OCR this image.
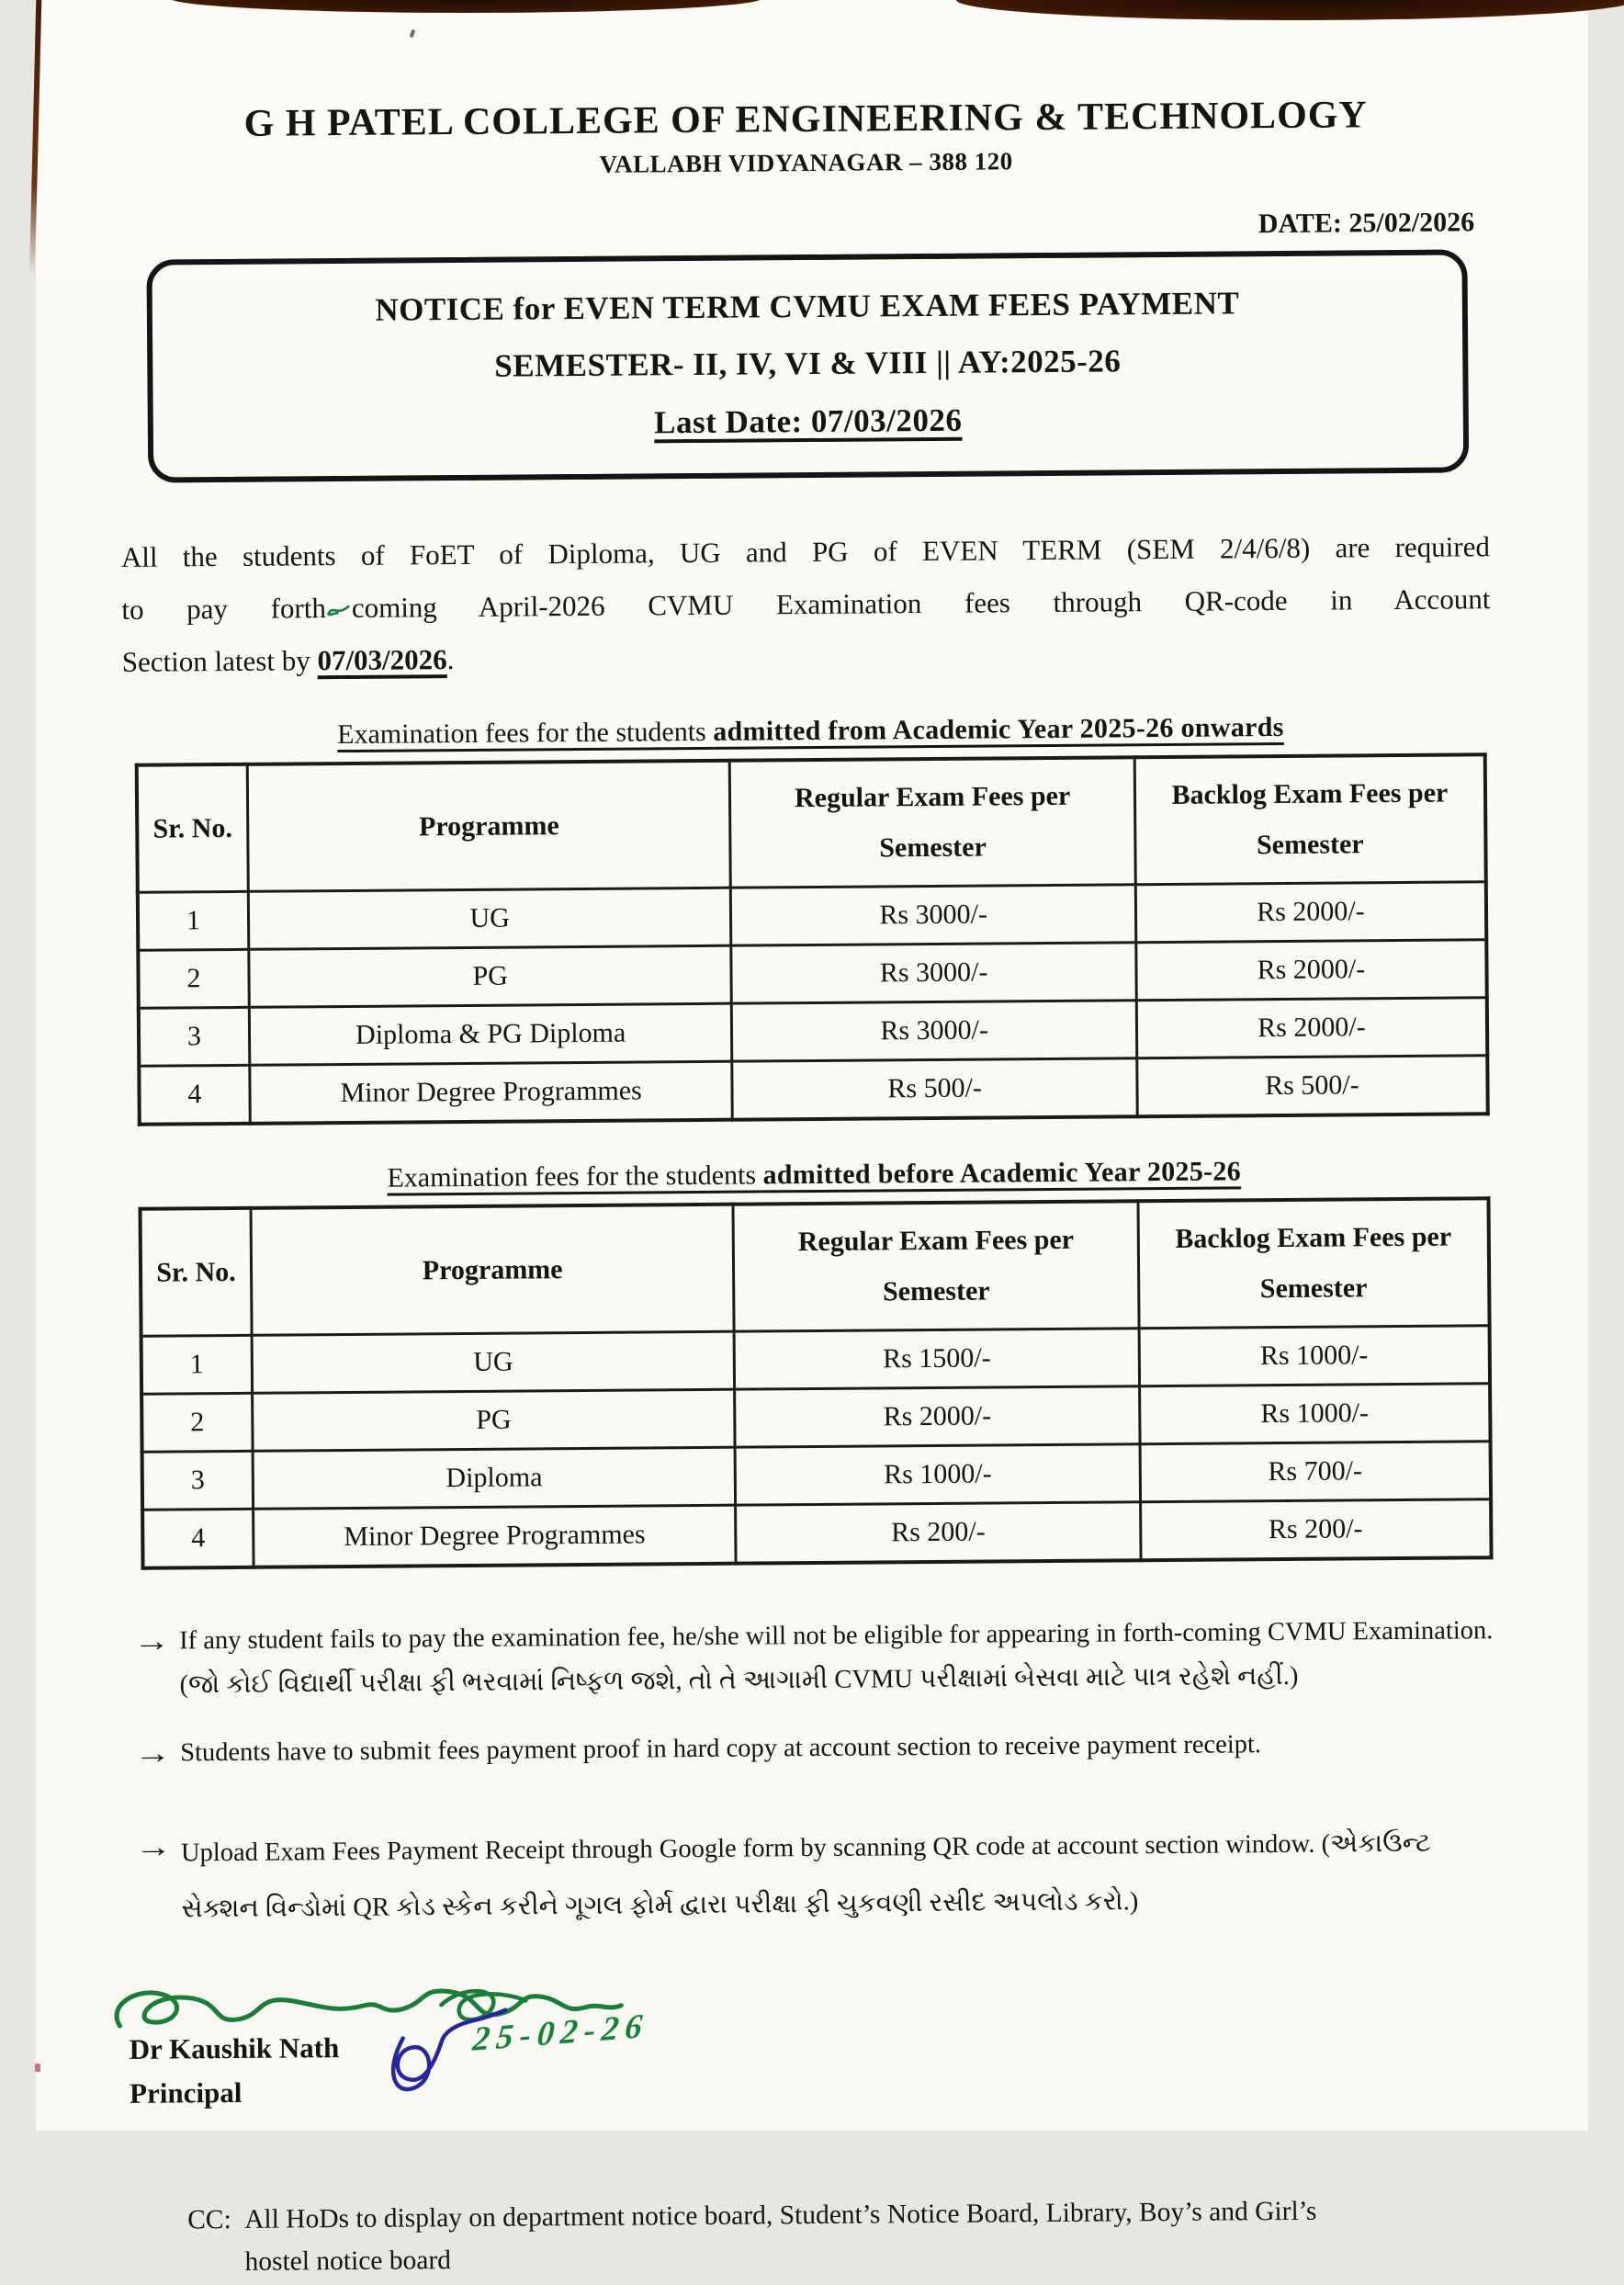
G H PATEL COLLEGE OF ENGINEERING & TECHNOLOGY
VALLABH VIDYANAGAR – 388 120
DATE: 25/02/2026
NOTICE for EVEN TERM CVMU EXAM FEES PAYMENT
SEMESTER- II, IV, VI & VIII || AY:2025-26
Last Date: 07/03/2026
All the students of FoET of Diploma, UG and PG of EVEN TERM (SEM 2/4/6/8) are required
to pay forth coming April-2026 CVMU Examination fees through QR-code in Account
Section latest by 07/03/2026.
Examination fees for the students admitted from Academic Year 2025-26 onwards
Sr. No.	Programme	Regular Exam Fees per Semester	Backlog Exam Fees per Semester
1	UG	Rs 3000/-	Rs 2000/-
2	PG	Rs 3000/-	Rs 2000/-
3	Diploma & PG Diploma	Rs 3000/-	Rs 2000/-
4	Minor Degree Programmes	Rs 500/-	Rs 500/-
Examination fees for the students admitted before Academic Year 2025-26
Sr. No.	Programme	Regular Exam Fees per Semester	Backlog Exam Fees per Semester
1	UG	Rs 1500/-	Rs 1000/-
2	PG	Rs 2000/-	Rs 1000/-
3	Diploma	Rs 1000/-	Rs 700/-
4	Minor Degree Programmes	Rs 200/-	Rs 200/-
→ If any student fails to pay the examination fee, he/she will not be eligible for appearing in forth-coming CVMU Examination. (જો કોઈ વિદ્યાર્થી પરીક્ષા ફી ભરવામાં નિષ્ફળ જશે, તો તે આગામી CVMU પરીક્ષામાં બેસવા માટે પાત્ર રહેશે નહીં.)
→ Students have to submit fees payment proof in hard copy at account section to receive payment receipt.
→ Upload Exam Fees Payment Receipt through Google form by scanning QR code at account section window. (એકાઉન્ટ સેક્શન વિન્ડોમાં QR કોડ સ્કેન કરીને ગૂગલ ફોર્મ દ્વારા પરીક્ષા ફી ચુકવણી રસીદ અપલોડ કરો.)
25-02-26
Dr Kaushik Nath
Principal
CC: All HoDs to display on department notice board, Student’s Notice Board, Library, Boy’s and Girl’s
hostel notice board
